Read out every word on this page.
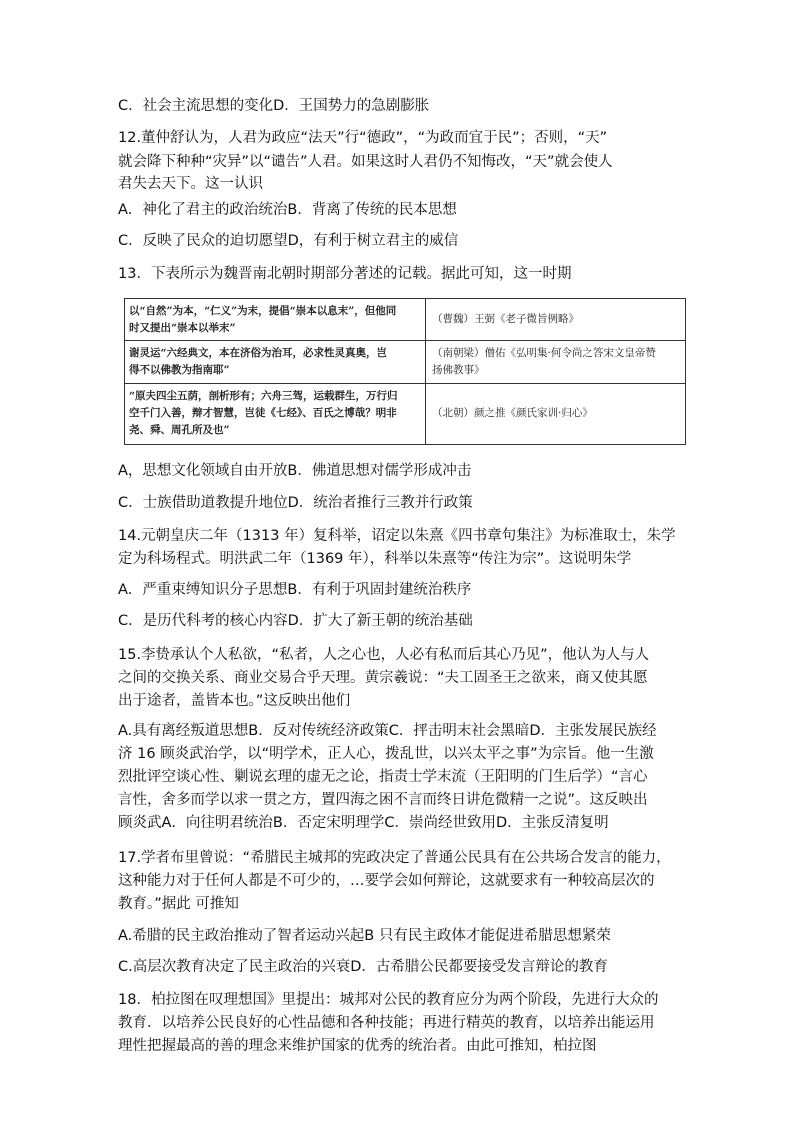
C．社会主流思想的变化D．王国势力的急剧膨胀
12.董仲舒认为，人君为政应“法天”行“德政”，“为政而宜于民”；否则，“天”
就会降下种种“灾异”以“谴告”人君。如果这时人君仍不知悔改，“天”就会使人
君失去天下。这一认识
A．神化了君主的政治统治B．背离了传统的民本思想
C．反映了民众的迫切愿望D，有利于树立君主的威信
13．下表所示为魏晋南北朝时期部分著述的记载。据此可知，这一时期
以“自然”为本，“仁义”为末，提倡“崇本以息末”，但他同
时又提出“崇本以举末”	（曹魏）王弼《老子微旨例略》
谢灵运“六经典文，本在济俗为治耳，必求性灵真奥，岂
得不以佛教为指南耶”	（南朝梁）僧佑《弘明集·何令尚之答宋文皇帝赞
扬佛教事》
“原夫四尘五荫，剖析形有；六舟三驾，运载群生，万行归
空千门入善，辩才智慧，岂徒《七经》、百氏之博哉？明非
尧、舜、周孔所及也”	（北朝）颜之推《颜氏家训·归心》
A，思想文化领域自由开放B．佛道思想对儒学形成冲击
C．士族借助道教提升地位D．统治者推行三教并行政策
14.元朝皇庆二年（1313 年）复科举，诏定以朱熹《四书章句集注》为标准取士，朱学
定为科场程式。明洪武二年（1369 年），科举以朱熹等“传注为宗”。这说明朱学
A．严重束缚知识分子思想B．有利于巩固封建统治秩序
C．是历代科考的核心内容D．扩大了新王朝的统治基础
15.李贽承认个人私欲，“私者，人之心也，人必有私而后其心乃见”，他认为人与人
之间的交换关系、商业交易合乎天理。黄宗羲说：“夫工固圣王之欲来，商又使其愿
出于途者，盖皆本也。”这反映出他们
A.具有离经叛道思想B．反对传统经济政策C．抨击明末社会黑暗D．主张发展民族经
济 16 顾炎武治学，以“明学术，正人心，拨乱世，以兴太平之事”为宗旨。他一生激
烈批评空谈心性、剿说玄理的虚无之论，指责士学末流（王阳明的门生后学）“言心
言性，舍多而学以求一贯之方，置四海之困不言而终日讲危微精一之说”。这反映出
顾炎武A．向往明君统治B．否定宋明理学C．崇尚经世致用D．主张反清复明
17.学者布里曾说：“希腊民主城邦的宪政决定了普通公民具有在公共场合发言的能力，
这种能力对于任何人都是不可少的，…要学会如何辩论，这就要求有一种较高层次的
教育。”据此 可推知
A.希腊的民主政治推动了智者运动兴起B 只有民主政体才能促进希腊思想紧荣
C.高层次教育决定了民主政治的兴衰D．古希腊公民都要接受发言辩论的教育
18．柏拉图在叹理想国》里提出：城邦对公民的教育应分为两个阶段，先进行大众的
教育．以培养公民良好的心性品德和各种技能；再进行精英的教育，以培养出能运用
理性把握最高的善的理念来维护国家的优秀的统治者。由此可推知，柏拉图
